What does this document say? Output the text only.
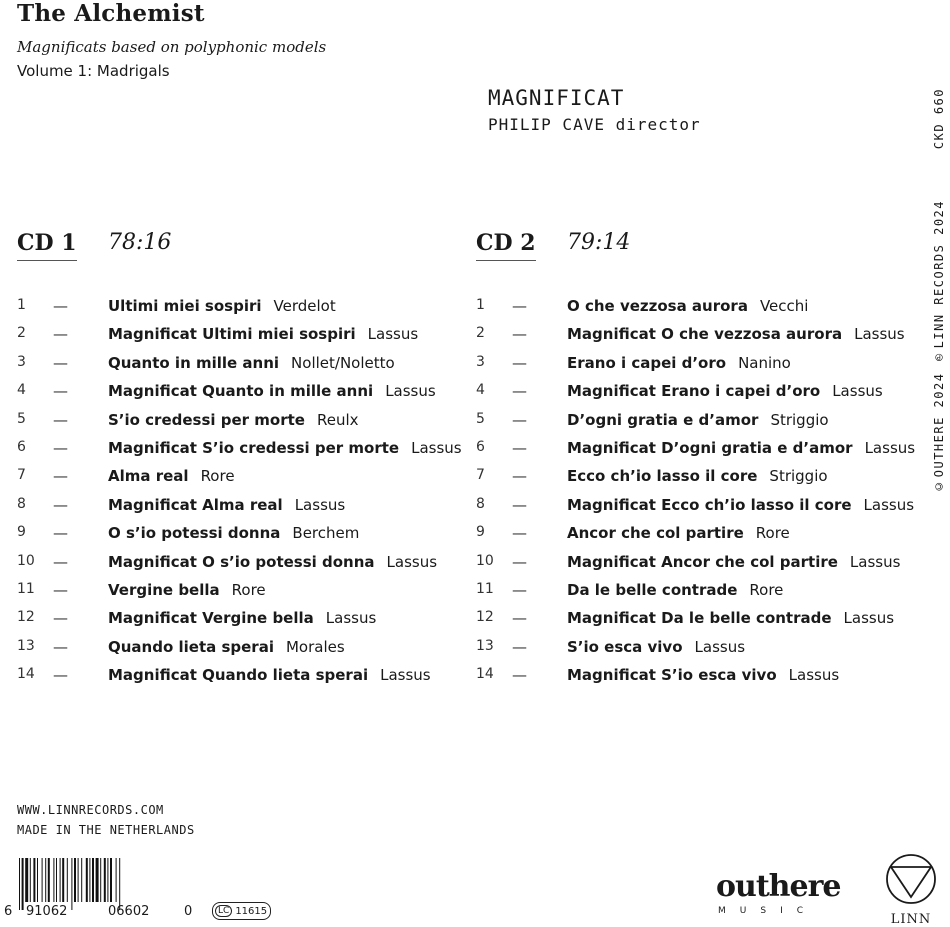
The Alchemist
Magnificats based on polyphonic models
Volume 1: Madrigals
MAGNIFICAT
PHILIP CAVE director	CKD 660
©OUTHERE 2024 ℗LINN RECORDS 2024
CD 1 78:16
1 —	Ultimi miei sospiri Verdelot
2 —	Magnificat Ultimi miei sospiri Lassus
3 —	Quanto in mille anni Nollet/Noletto
4 —	Magnificat Quanto in mille anni Lassus
5 —	S’io credessi per morte Reulx
6 —	Magnificat S’io credessi per morte Lassus
7 —	Alma real Rore
8 —	Magnificat Alma real Lassus
9 —	O s’io potessi donna Berchem
10 —	Magnificat O s’io potessi donna Lassus
11 —	Vergine bella Rore
12 —	Magnificat Vergine bella Lassus
13 —	Quando lieta sperai Morales
14 —	Magnificat Quando lieta sperai Lassus
CD 2 79:14
1 —	O che vezzosa aurora Vecchi
2 —	Magnificat O che vezzosa aurora Lassus
3 —	Erano i capei d’oro Nanino
4 —	Magnificat Erano i capei d’oro Lassus
5 —	D’ogni gratia e d’amor Striggio
6 —	Magnificat D’ogni gratia e d’amor Lassus
7 —	Ecco ch’io lasso il core Striggio
8 —	Magnificat Ecco ch’io lasso il core Lassus
9 —	Ancor che col partire Rore
10 —	Magnificat Ancor che col partire Lassus
11 —	Da le belle contrade Rore
12 —	Magnificat Da le belle contrade Lassus
13 —	S’io esca vivo Lassus
14 —	Magnificat S’io esca vivo Lassus
WWW.LINNRECORDS.COM
MADE IN THE NETHERLANDS
6 91062	06602	0	LC 11615
outhere
MUSIC
LINN
